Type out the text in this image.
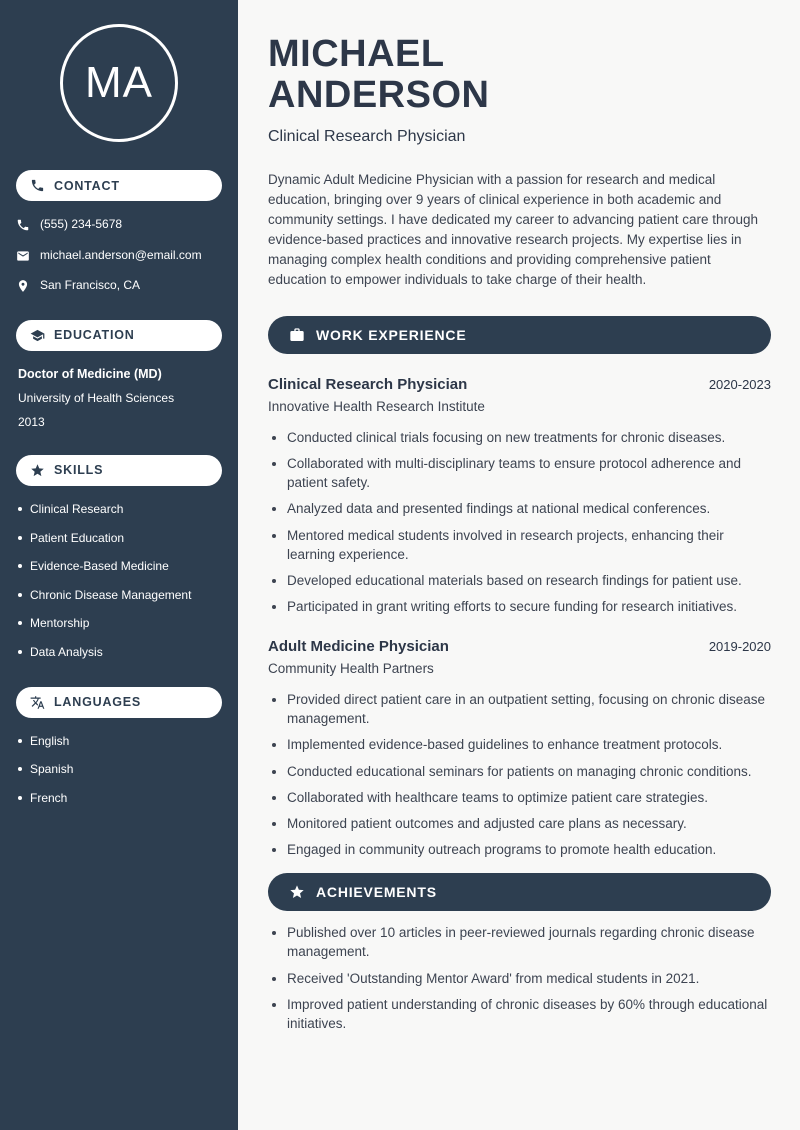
MA
CONTACT
(555) 234-5678
michael.anderson@email.com
San Francisco, CA
EDUCATION
Doctor of Medicine (MD)
University of Health Sciences
2013
SKILLS
Clinical Research
Patient Education
Evidence-Based Medicine
Chronic Disease Management
Mentorship
Data Analysis
LANGUAGES
English
Spanish
French
MICHAEL
ANDERSON
Clinical Research Physician

Dynamic Adult Medicine Physician with a passion for research and medical education, bringing over 9 years of clinical experience in both academic and community settings. I have dedicated my career to advancing patient care through evidence-based practices and innovative research projects. My expertise lies in managing complex health conditions and providing comprehensive patient education to empower individuals to take charge of their health.

WORK EXPERIENCE
Clinical Research Physician	2020-2023
Innovative Health Research Institute
• Conducted clinical trials focusing on new treatments for chronic diseases.
• Collaborated with multi-disciplinary teams to ensure protocol adherence and patient safety.
• Analyzed data and presented findings at national medical conferences.
• Mentored medical students involved in research projects, enhancing their learning experience.
• Developed educational materials based on research findings for patient use.
• Participated in grant writing efforts to secure funding for research initiatives.
Adult Medicine Physician	2019-2020
Community Health Partners
• Provided direct patient care in an outpatient setting, focusing on chronic disease management.
• Implemented evidence-based guidelines to enhance treatment protocols.
• Conducted educational seminars for patients on managing chronic conditions.
• Collaborated with healthcare teams to optimize patient care strategies.
• Monitored patient outcomes and adjusted care plans as necessary.
• Engaged in community outreach programs to promote health education.
ACHIEVEMENTS
• Published over 10 articles in peer-reviewed journals regarding chronic disease management.
• Received 'Outstanding Mentor Award' from medical students in 2021.
• Improved patient understanding of chronic diseases by 60% through educational initiatives.
